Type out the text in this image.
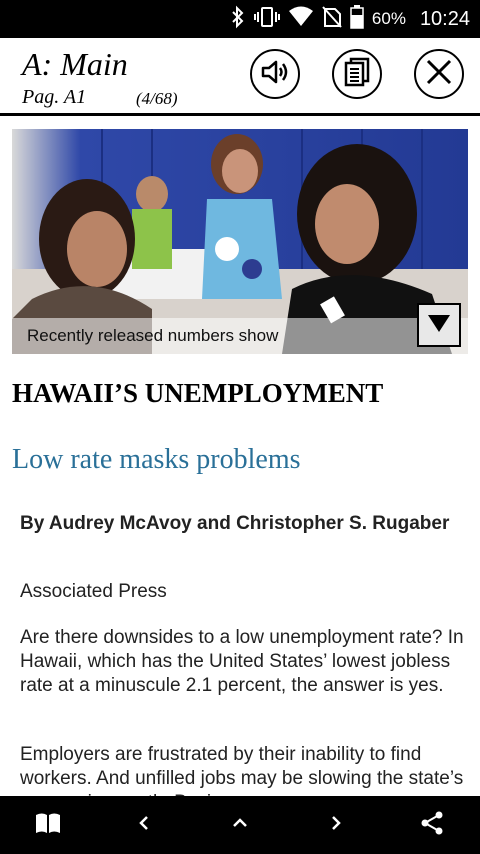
60% 10:24
A: Main
Pag. A1	(4/68)
Recently released numbers show
HAWAII’S UNEMPLOYMENT
Low rate masks problems
By Audrey McAvoy and Christopher S. Rugaber
Associated Press
Are there downsides to a low unemployment rate? In Hawaii, which has the United States’ lowest jobless rate at a minuscule 2.1 percent, the answer is yes.
Employers are frustrated by their inability to find workers. And unfilled jobs may be slowing the state’s
